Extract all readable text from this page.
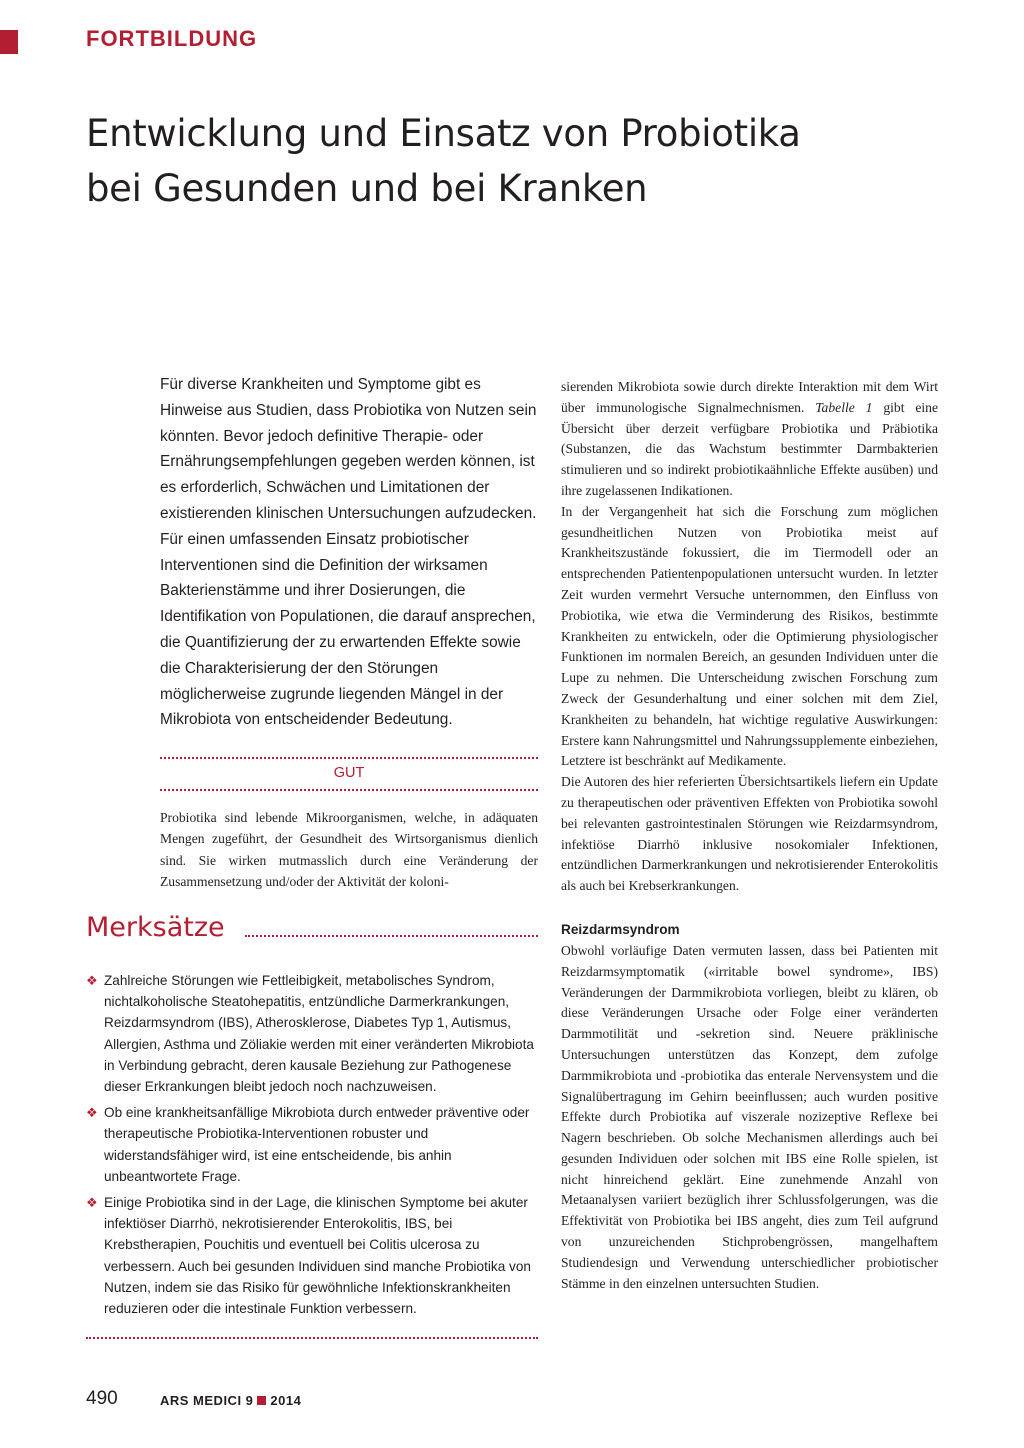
FORTBILDUNG
Entwicklung und Einsatz von Probiotika
bei Gesunden und bei Kranken

Für diverse Krankheiten und Symptome gibt es Hinweise aus Studien, dass Probiotika von Nutzen sein könnten. Bevor jedoch definitive Therapie- oder Ernährungsempfehlungen gegeben werden können, ist es erforderlich, Schwächen und Limitationen der existierenden klinischen Untersuchungen aufzudecken. Für einen umfassenden Einsatz probiotischer Interventionen sind die Definition der wirksamen Bakterienstämme und ihrer Dosierungen, die Identifikation von Populationen, die darauf ansprechen, die Quantifizierung der zu erwartenden Effekte sowie die Charakterisierung der den Störungen möglicherweise zugrunde liegenden Mängel in der Mikrobiota von entscheidender Bedeutung.

GUT

Probiotika sind lebende Mikroorganismen, welche, in adäquaten Mengen zugeführt, der Gesundheit des Wirtsorganismus dienlich sind. Sie wirken mutmasslich durch eine Veränderung der Zusammensetzung und/oder der Aktivität der koloni-

Merksätze
❖ Zahlreiche Störungen wie Fettleibigkeit, metabolisches Syndrom, nichtalkoholische Steatohepatitis, entzündliche Darmerkrankungen, Reizdarmsyndrom (IBS), Atherosklerose, Diabetes Typ 1, Autismus, Allergien, Asthma und Zöliakie werden mit einer veränderten Mikrobiota in Verbindung gebracht, deren kausale Beziehung zur Pathogenese dieser Erkrankungen bleibt jedoch noch nachzuweisen.
❖ Ob eine krankheitsanfällige Mikrobiota durch entweder präventive oder therapeutische Probiotika-Interventionen robuster und widerstandsfähiger wird, ist eine entscheidende, bis anhin unbeantwortete Frage.
❖ Einige Probiotika sind in der Lage, die klinischen Symptome bei akuter infektiöser Diarrhö, nekrotisierender Enterokolitis, IBS, bei Krebstherapien, Pouchitis und eventuell bei Colitis ulcerosa zu verbessern. Auch bei gesunden Individuen sind manche Probiotika von Nutzen, indem sie das Risiko für gewöhnliche Infektionskrankheiten reduzieren oder die intestinale Funktion verbessern.

sierenden Mikrobiota sowie durch direkte Interaktion mit dem Wirt über immunologische Signalmechnismen. Tabelle 1 gibt eine Übersicht über derzeit verfügbare Probiotika und Präbiotika (Substanzen, die das Wachstum bestimmter Darmbakterien stimulieren und so indirekt probiotikaähnliche Effekte ausüben) und ihre zugelassenen Indikationen.

In der Vergangenheit hat sich die Forschung zum möglichen gesundheitlichen Nutzen von Probiotika meist auf Krankheitszustände fokussiert, die im Tiermodell oder an entsprechenden Patientenpopulationen untersucht wurden. In letzter Zeit wurden vermehrt Versuche unternommen, den Einfluss von Probiotika, wie etwa die Verminderung des Risikos, bestimmte Krankheiten zu entwickeln, oder die Optimierung physiologischer Funktionen im normalen Bereich, an gesunden Individuen unter die Lupe zu nehmen. Die Unterscheidung zwischen Forschung zum Zweck der Gesunderhaltung und einer solchen mit dem Ziel, Krankheiten zu behandeln, hat wichtige regulative Auswirkungen: Erstere kann Nahrungsmittel und Nahrungssupplemente einbeziehen, Letztere ist beschränkt auf Medikamente.

Die Autoren des hier referierten Übersichtsartikels liefern ein Update zu therapeutischen oder präventiven Effekten von Probiotika sowohl bei relevanten gastrointestinalen Störungen wie Reizdarmsyndrom, infektiöse Diarrhö inklusive nosokomialer Infektionen, entzündlichen Darmerkrankungen und nekrotisierender Enterokolitis als auch bei Krebserkrankungen.

Reizdarmsyndrom

Obwohl vorläufige Daten vermuten lassen, dass bei Patienten mit Reizdarmsymptomatik («irritable bowel syndrome», IBS) Veränderungen der Darmmikrobiota vorliegen, bleibt zu klären, ob diese Veränderungen Ursache oder Folge einer veränderten Darmmotilität und -sekretion sind. Neuere präklinische Untersuchungen unterstützen das Konzept, dem zufolge Darmmikrobiota und -probiotika das enterale Nervensystem und die Signalübertragung im Gehirn beeinflussen; auch wurden positive Effekte durch Probiotika auf viszerale nozizeptive Reflexe bei Nagern beschrieben. Ob solche Mechanismen allerdings auch bei gesunden Individuen oder solchen mit IBS eine Rolle spielen, ist nicht hinreichend geklärt. Eine zunehmende Anzahl von Metaanalysen variiert bezüglich ihrer Schlussfolgerungen, was die Effektivität von Probiotika bei IBS angeht, dies zum Teil aufgrund von unzureichenden Stichprobengrössen, mangelhaftem Studiendesign und Verwendung unterschiedlicher probiotischer Stämme in den einzelnen untersuchten Studien.

490	ARS MEDICI 9 2014
